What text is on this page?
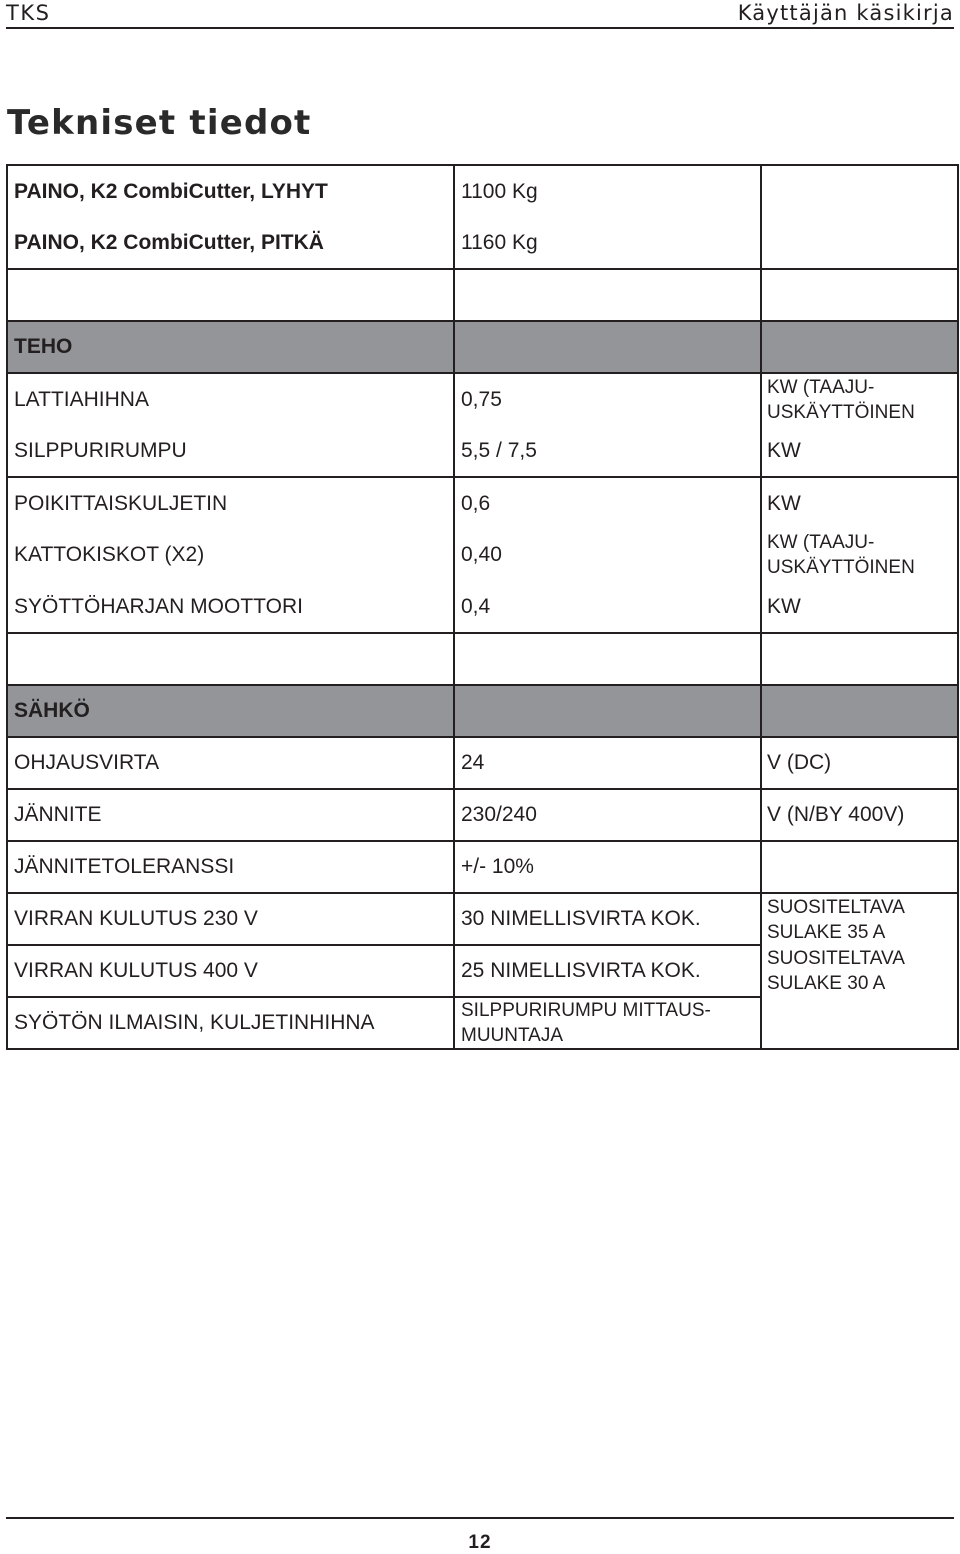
TKS	Käyttäjän käsikirja
Tekniset tiedot
PAINO, K2 CombiCutter, LYHYT	1100 Kg	
PAINO, K2 CombiCutter, PITKÄ	1160 Kg	

TEHO		
LATTIAHIHNA	0,75	KW (TAAJU- USKÄYTTÖINEN
SILPPURIRUMPU	5,5 / 7,5	KW
POIKITTAISKULJETIN	0,6	KW
KATTOKISKOT (X2)	0,40	KW (TAAJU- USKÄYTTÖINEN
SYÖTTÖHARJAN MOOTTORI	0,4	KW

SÄHKÖ		
OHJAUSVIRTA	24	V (DC)
JÄNNITE	230/240	V (N/BY 400V)
JÄNNITETOLERANSSI	+/- 10%	
VIRRAN KULUTUS 230 V	30 NIMELLISVIRTA KOK.	SUOSITELTAVA SULAKE 35 A
VIRRAN KULUTUS 400 V	25 NIMELLISVIRTA KOK.	SUOSITELTAVA SULAKE 30 A
SYÖTÖN ILMAISIN, KULJETINHIHNA	SILPPURIRUMPU MITTAUS- MUUNTAJA	
12
